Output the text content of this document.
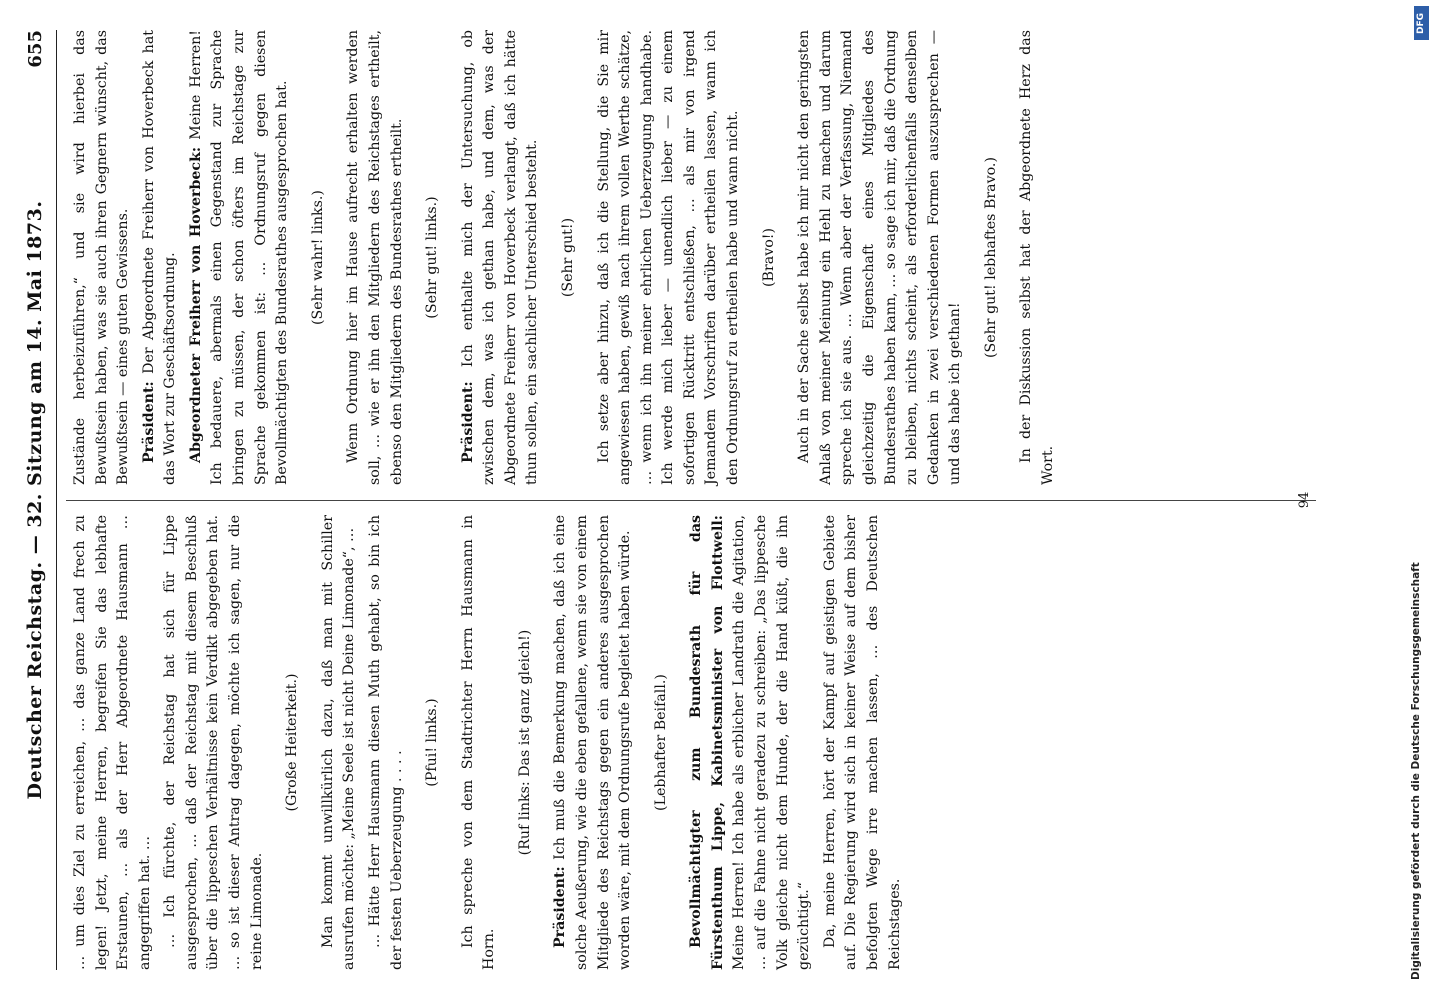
Deutscher Reichstag. — 32. Sitzung am 14. Mai 1873.
655

… um dies Ziel zu erreichen, … das ganze Land frech zu legen! Jetzt, meine Herren, begreifen Sie das lebhafte Erstaunen, … als der Herr Abgeordnete Hausmann … angegriffen hat. … … Ich fürchte, der Reichstag hat sich für Lippe ausgesprochen, … daß der Reichstag mit diesem Beschluß über die lippeschen Verhältnisse kein Verdikt abgegeben hat. … so ist dieser Antrag dagegen, möchte ich sagen, nur die reine Limonade.

(Große Heiterkeit.) Man kommt unwillkürlich dazu, daß man mit Schiller ausrufen möchte: „Meine Seele ist nicht Deine Limonade“, … … Hätte Herr Hausmann diesen Muth gehabt, so bin ich der festen Ueberzeugung . . . .

(Pfui! links.) Ich spreche von dem Stadtrichter Herrn Hausmann in Horn.

(Ruf links: Das ist ganz gleich!)

Präsident: Ich muß die Bemerkung machen, daß ich eine solche Aeußerung, wie die eben gefallene, wenn sie von einem Mitgliede des Reichstags gegen ein anderes ausgesprochen worden wäre, mit dem Ordnungsrufe begleitet haben würde. (Lebhafter Beifall.) Bevollmächtigter zum Bundesrath für das Fürstenthum Lippe, Kabinetsminister von Flottwell: Meine Herren! Ich habe als erblicher Landrath die Agitation, … auf die Fahne nicht geradezu zu schreiben: „Das lippesche Volk gleiche nicht dem Hunde, der die Hand küßt, die ihn gezüchtigt.“ Da, meine Herren, hört der Kampf auf geistigen Gebiete auf. Die Regierung wird sich in keiner Weise auf dem bisher befolgten Wege irre machen lassen, … des Deutschen Reichstages.

Zustände herbeizuführen,“ und sie wird hierbei das Bewußtsein haben, was sie auch ihren Gegnern wünscht, das Bewußtsein — eines guten Gewissens. Präsident: Der Abgeordnete Freiherr von Hoverbeck hat das Wort zur Geschäftsordnung. Abgeordneter Freiherr von Hoverbeck: Meine Herren! Ich bedauere, abermals einen Gegenstand zur Sprache bringen zu müssen, der schon öfters im Reichstage zur Sprache gekommen ist: … Ordnungsruf gegen diesen Bevollmächtigten des Bundesrathes ausgesprochen hat. (Sehr wahr! links.) Wenn Ordnung hier im Hause aufrecht erhalten werden soll, … wie er ihn den Mitgliedern des Reichstages ertheilt, ebenso den Mitgliedern des Bundesrathes ertheilt. (Sehr gut! links.)

Präsident: Ich enthalte mich der Untersuchung, ob zwischen dem, was ich gethan habe, und dem, was der Abgeordnete Freiherr von Hoverbeck verlangt, daß ich hätte thun sollen, ein sachlicher Unterschied besteht. (Sehr gut!) Ich setze aber hinzu, daß ich die Stellung, die Sie mir angewiesen haben, gewiß nach ihrem vollen Werthe schätze, … wenn ich ihn meiner ehrlichen Ueberzeugung handhabe. Ich werde mich lieber — unendlich lieber — zu einem sofortigen Rücktritt entschließen, … als mir von irgend Jemandem Vorschriften darüber ertheilen lassen, wann ich den Ordnungsruf zu ertheilen habe und wann nicht. (Bravo!) Auch in der Sache selbst habe ich mir nicht den geringsten Anlaß von meiner Meinung ein Hehl zu machen und darum spreche ich sie aus. … Wenn aber der Verfassung, Niemand gleichzeitig die Eigenschaft eines Mitgliedes des Bundesrathes haben kann, … so sage ich mir, daß die Ordnung zu bleiben, nichts scheint, als erforderlichenfalls denselben Gedanken in zwei verschiedenen Formen auszusprechen — und das habe ich gethan!

(Sehr gut! lebhaftes Bravo.) In der Diskussion selbst hat der Abgeordnete Herz das Wort.

94
Digitalisierung gefördert durch die Deutsche Forschungsgemeinschaft
DFG
